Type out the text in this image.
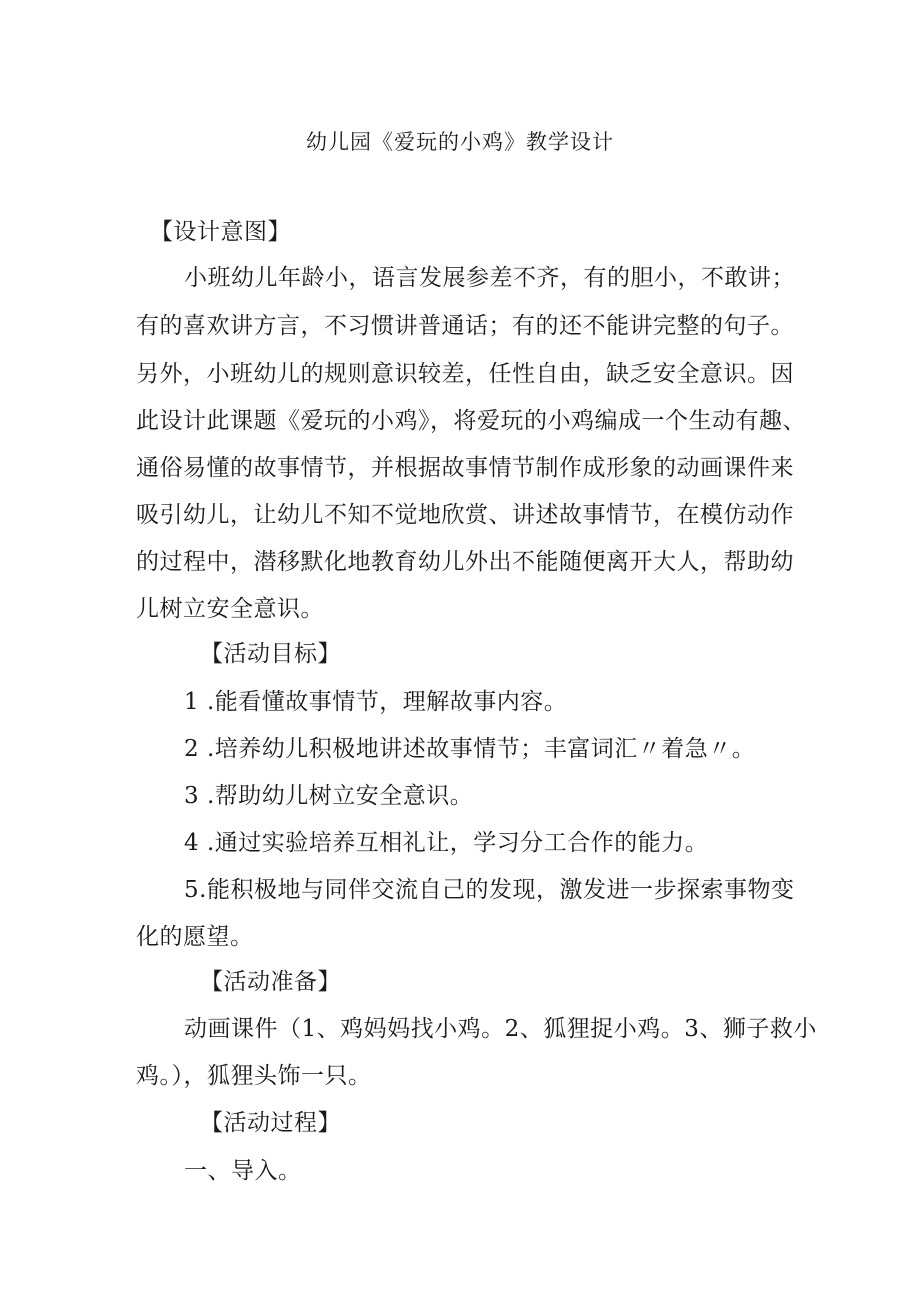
幼儿园《爱玩的小鸡》教学设计
【设计意图】
小班幼儿年龄小，语言发展参差不齐，有的胆小，不敢讲；
有的喜欢讲方言，不习惯讲普通话；有的还不能讲完整的句子。
另外，小班幼儿的规则意识较差，任性自由，缺乏安全意识。因
此设计此课题《爱玩的小鸡》，将爱玩的小鸡编成一个生动有趣、
通俗易懂的故事情节，并根据故事情节制作成形象的动画课件来
吸引幼儿，让幼儿不知不觉地欣赏、讲述故事情节，在模仿动作
的过程中，潜移默化地教育幼儿外出不能随便离开大人，帮助幼
儿树立安全意识。
【活动目标】
1 .能看懂故事情节，理解故事内容。
2 .培养幼儿积极地讲述故事情节；丰富词汇〃着急〃。
3 .帮助幼儿树立安全意识。
4 .通过实验培养互相礼让，学习分工合作的能力。
5.能积极地与同伴交流自己的发现，激发进一步探索事物变
化的愿望。
【活动准备】
动画课件（1、鸡妈妈找小鸡。2、狐狸捉小鸡。3、狮子救小
鸡。），狐狸头饰一只。
【活动过程】
一、导入。
